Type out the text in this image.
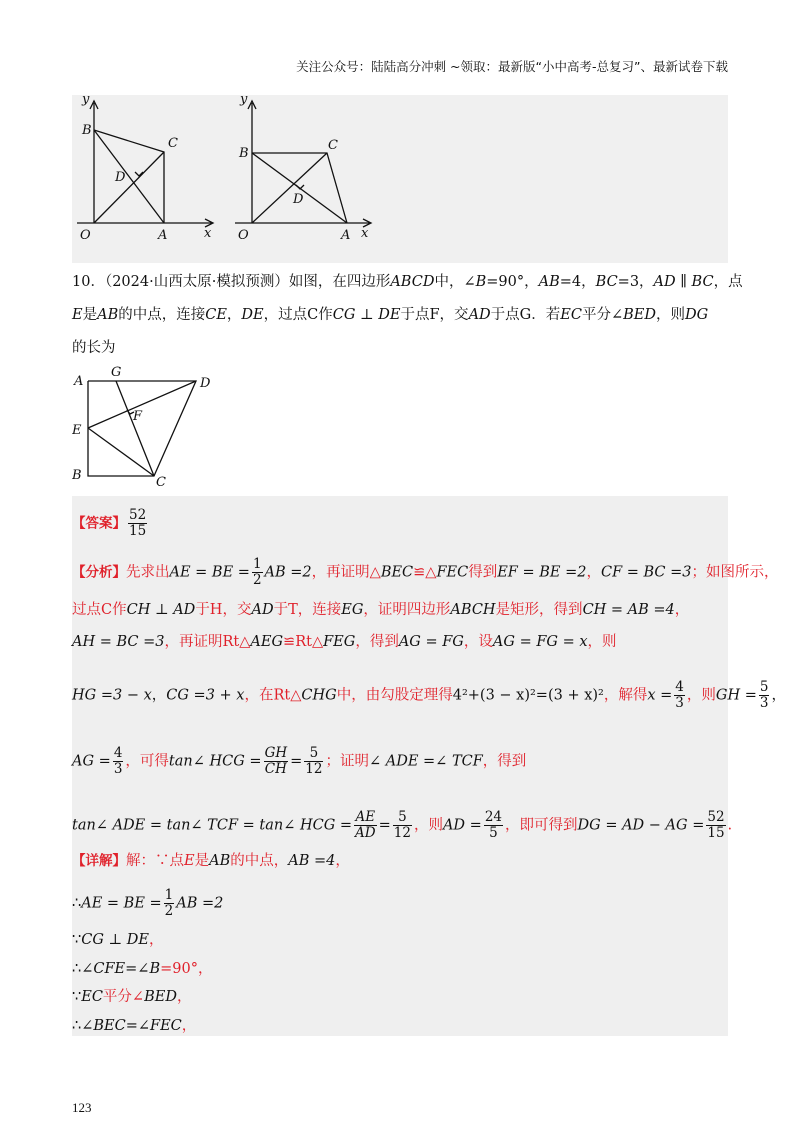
关注公众号：陆陆高分冲刺 ~领取：最新版“小中高考-总复习”、最新试卷下载
y
x
O	A
B
C
D
y
x
O	A
B
C
D
10．（2024·山西太原·模拟预测）如图，在四边形ABCD中，∠B=90°，AB=4，BC=3，AD ∥ BC，点
E是AB的中点，连接CE，DE，过点C作CG ⊥ DE于点F，交AD于点G．若EC平分∠BED，则DG
的长为
A
G
D
F
E
B	C
【答案】 $\frac{52}{15}$
【分析】先求出AE = BE = $\frac{1}{2}$ AB =2，再证明△BEC≌△FEC得到EF = BE =2，CF = BC =3；如图所示，
过点C作CH ⊥ AD于H，交AD于T，连接EG，证明四边形ABCH是矩形，得到CH = AB =4，
AH = BC =3，再证明Rt△AEG≌Rt△FEG，得到AG = FG，设AG = FG = x，则
HG =3 − x，CG =3 + x，在Rt△CHG中，由勾股定理得4²+(3 − x)²=(3 + x)²，解得$x = \frac{4}{3}$ ，则GH = $\frac{5}{3}$ ，
AG = $\frac{4}{3}$ ，可得tan∠ HCG = $\frac{GH}{CH} = \frac{5}{12}$ ；证明∠ ADE =∠ TCF，得到
tan∠ ADE = tan∠ TCF = tan∠ HCG = $\frac{AE}{AD} = \frac{5}{12}$ ，则AD = $\frac{24}{5}$ ，即可得到DG = AD − AG = $\frac{52}{15}$ .
【详解】解：∵点E是AB的中点，AB =4，
∴AE = BE = $\frac{1}{2}$ AB =2
∵CG ⊥ DE，
∴∠CFE=∠B=90°，
∵EC平分∠BED，
∴∠BEC=∠FEC，
123
